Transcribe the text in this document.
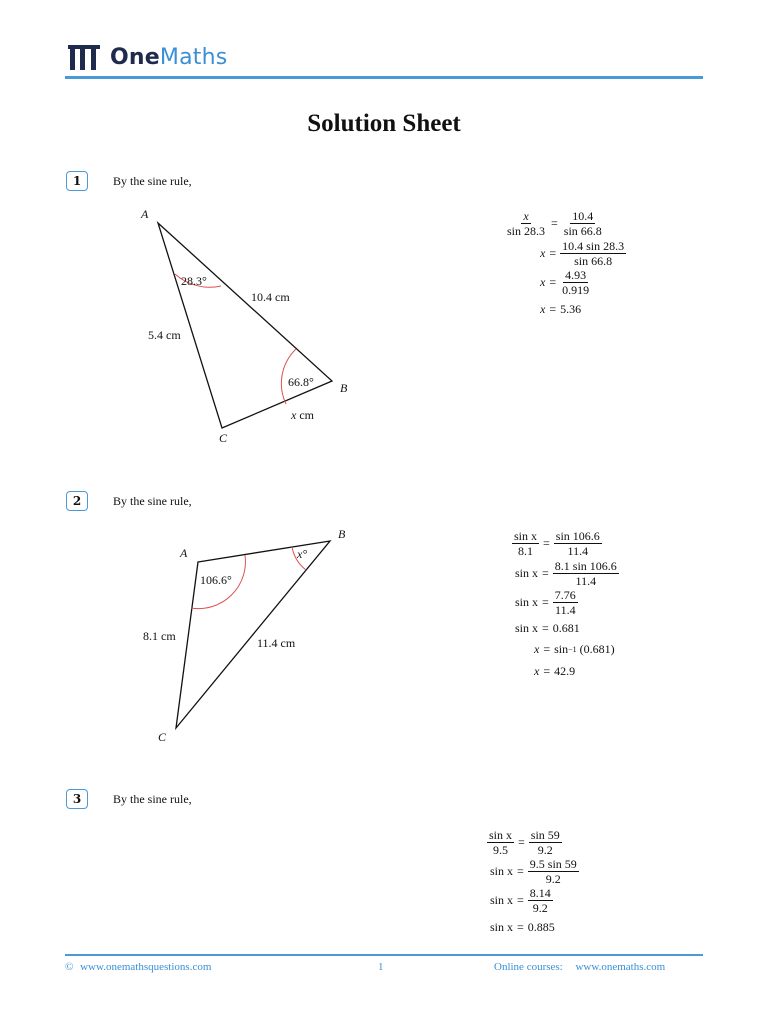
OneMaths
Solution Sheet
1	By the sine rule,
2	By the sine rule,
3	By the sine rule,
A
B
C
28.3°
66.8°
10.4 cm
5.4 cm
x cm
A
B
C
106.6°
x°
8.1 cm	11.4 cm
$\frac{x}{\sin 28.3} = \frac{10.4}{\sin 66.8}$
$x = \frac{10.4 \sin 28.3}{\sin 66.8}$
$x = \frac{4.93}{0.919}$
x = 5.36
$\frac{\text{sin x}}{8.1} = \frac{\sin 106.6}{11.4}$
$\sin x = \frac{8.1 \sin 106.6}{11.4}$
$\sin x = \frac{7.76}{11.4}$
sin x = 0.681
x = sin −1 (0.681)
x = 42.9
$\frac{\text{sin x}}{9.5} = \frac{\sin 59}{9.2}$
$\sin x = \frac{9.5 \sin 59}{9.2}$
$\sin x = \frac{8.14}{9.2}$
sin x = 0.885
© www.onemathsquestions.com	1	Online courses: www.onemaths.com
